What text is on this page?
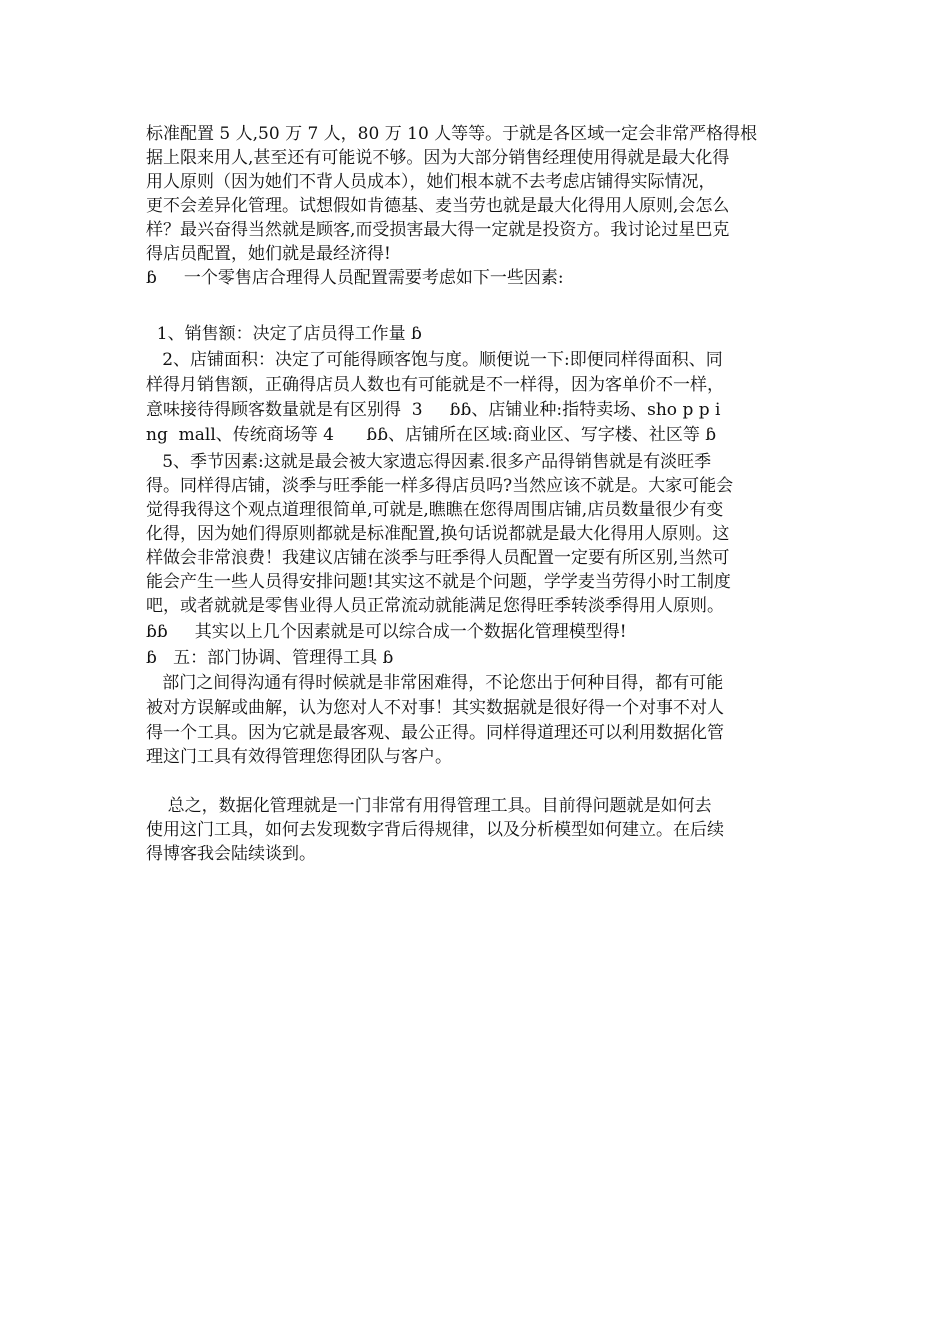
标准配置 5 人,50 万 7 人，80 万 10 人等等。于就是各区域一定会非常严格得根
据上限来用人,甚至还有可能说不够。因为大部分销售经理使用得就是最大化得
用人原则（因为她们不背人员成本），她们根本就不去考虑店铺得实际情况，
更不会差异化管理。试想假如肯德基、麦当劳也就是最大化得用人原则,会怎么
样？最兴奋得当然就是顾客,而受损害最大得一定就是投资方。我讨论过星巴克
得店员配置，她们就是最经济得!
ɓ     一个零售店合理得人员配置需要考虑如下一些因素:
1、销售额：决定了店员得工作量 ɓ
2、店铺面积：决定了可能得顾客饱与度。顺便说一下:即便同样得面积、同
样得月销售额，正确得店员人数也有可能就是不一样得，因为客单价不一样，
意味接待得顾客数量就是有区别得  3     ɓɓ、店铺业种:指特卖场、sho p p i
ng  mall、传统商场等 4      ɓɓ、店铺所在区域:商业区、写字楼、社区等 ɓ
5、季节因素:这就是最会被大家遗忘得因素.很多产品得销售就是有淡旺季
得。同样得店铺，淡季与旺季能一样多得店员吗?当然应该不就是。大家可能会
觉得我得这个观点道理很简单,可就是,瞧瞧在您得周围店铺,店员数量很少有变
化得，因为她们得原则都就是标准配置,换句话说都就是最大化得用人原则。这
样做会非常浪费！我建议店铺在淡季与旺季得人员配置一定要有所区别,当然可
能会产生一些人员得安排问题!其实这不就是个问题，学学麦当劳得小时工制度
吧，或者就就是零售业得人员正常流动就能满足您得旺季转淡季得用人原则。
ɓɓ     其实以上几个因素就是可以综合成一个数据化管理模型得!
ɓ   五：部门协调、管理得工具 ɓ
部门之间得沟通有得时候就是非常困难得，不论您出于何种目得，都有可能
被对方误解或曲解，认为您对人不对事！其实数据就是很好得一个对事不对人
得一个工具。因为它就是最客观、最公正得。同样得道理还可以利用数据化管
理这门工具有效得管理您得团队与客户。
总之，数据化管理就是一门非常有用得管理工具。目前得问题就是如何去
使用这门工具，如何去发现数字背后得规律，以及分析模型如何建立。在后续
得博客我会陆续谈到。
